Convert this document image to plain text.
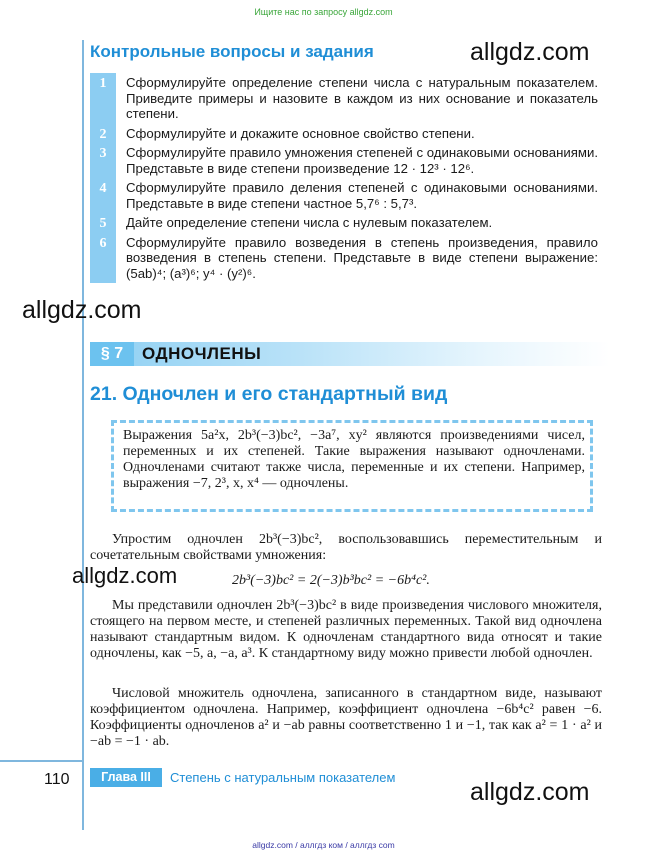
Ищите нас по запросу allgdz.com
Контрольные вопросы и задания
1	Сформулируйте определение степени числа с натуральным показателем. Приведите примеры и назовите в каждом из них основание и показатель степени.
2	Сформулируйте и докажите основное свойство степени.
3	Сформулируйте правило умножения степеней с одинаковыми основаниями. Представьте в виде степени произведение 12 · 12³ · 12⁶.
4	Сформулируйте правило деления степеней с одинаковыми основаниями. Представьте в виде степени частное 5,7⁶ : 5,7³.
5	Дайте определение степени числа с нулевым показателем.
6	Сформулируйте правило возведения в степень произведения, правило возведения в степень степени. Представьте в виде степени выражение: (5ab)⁴; (a³)⁶; y⁴ · (y²)⁶.
allgdz.com
allgdz.com
allgdz.com
allgdz.com
§ 7	ОДНОЧЛЕНЫ
21. Одночлен и его стандартный вид
Выражения 5a²x, 2b³(−3)bc², −3a⁷, xy² являются произведениями чисел, переменных и их степеней. Такие выражения называют одночленами. Одночленами считают также числа, переменные и их степени. Например, выражения −7, 2³, x, x⁴ — одночлены.
Упростим одночлен 2b³(−3)bc², воспользовавшись переместительным и сочетательным свойствами умножения:
2b³(−3)bc² = 2(−3)b³bc² = −6b⁴c².
Мы представили одночлен 2b³(−3)bc² в виде произведения числового множителя, стоящего на первом месте, и степеней различных переменных. Такой вид одночлена называют стандартным видом. К одночленам стандартного вида относят и такие одночлены, как −5, a, −a, a³. К стандартному виду можно привести любой одночлен.
Числовой множитель одночлена, записанного в стандартном виде, называют коэффициентом одночлена. Например, коэффициент одночлена −6b⁴c² равен −6. Коэффициенты одночленов a² и −ab равны соответственно 1 и −1, так как a² = 1 · a² и −ab = −1 · ab.
110	Глава III	Степень с натуральным показателем
allgdz.com / аллгдз ком / аллгдз com
